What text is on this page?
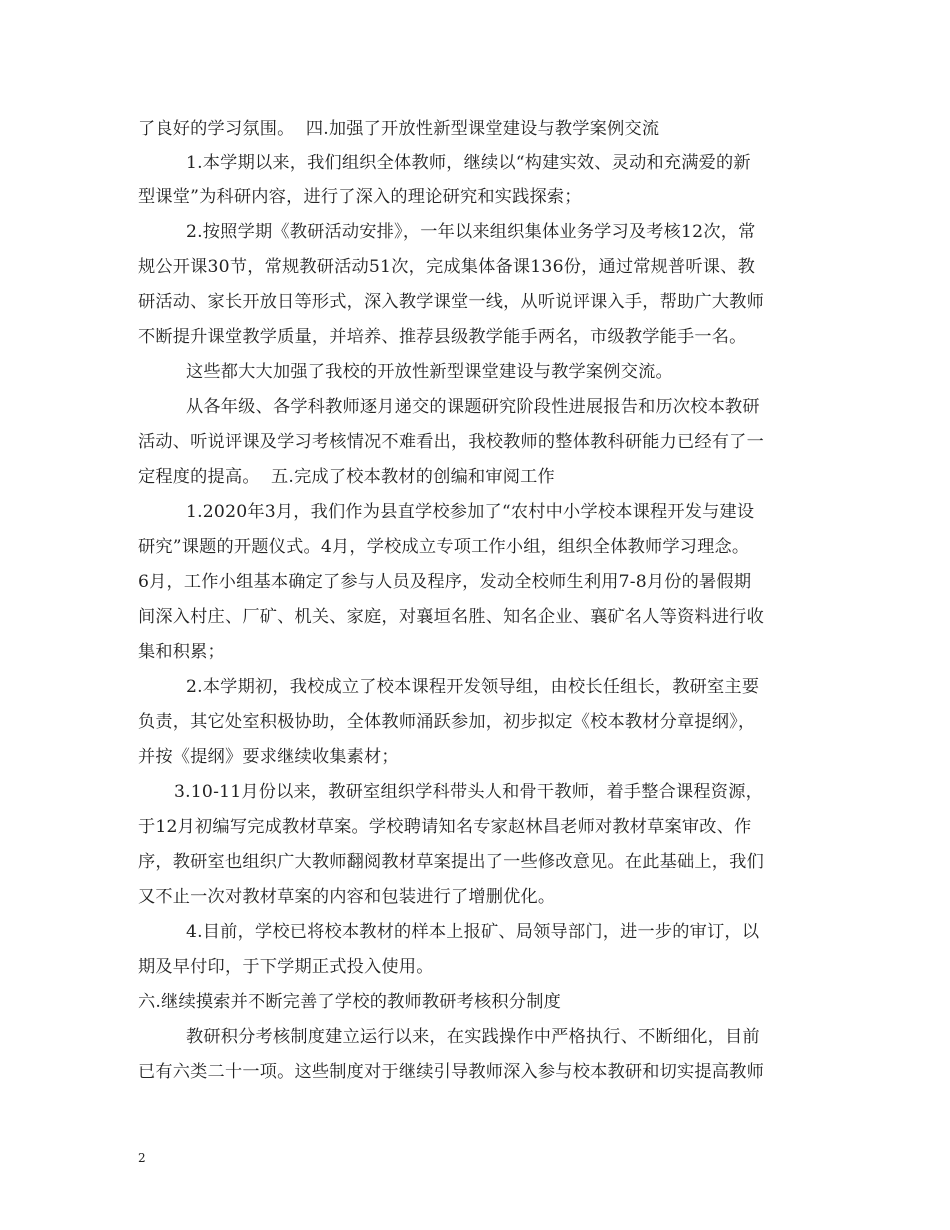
了良好的学习氛围。  四.加强了开放性新型课堂建设与教学案例交流
1.本学期以来，我们组织全体教师，继续以“构建实效、灵动和充满爱的新
型课堂”为科研内容，进行了深入的理论研究和实践探索；
2.按照学期《教研活动安排》，一年以来组织集体业务学习及考核12次，常
规公开课30节，常规教研活动51次，完成集体备课136份，通过常规普听课、教
研活动、家长开放日等形式，深入教学课堂一线，从听说评课入手，帮助广大教师
不断提升课堂教学质量，并培养、推荐县级教学能手两名，市级教学能手一名。
这些都大大加强了我校的开放性新型课堂建设与教学案例交流。
从各年级、各学科教师逐月递交的课题研究阶段性进展报告和历次校本教研
活动、听说评课及学习考核情况不难看出，我校教师的整体教科研能力已经有了一
定程度的提高。  五.完成了校本教材的创编和审阅工作
1.2020年3月，我们作为县直学校参加了“农村中小学校本课程开发与建设
研究”课题的开题仪式。4月，学校成立专项工作小组，组织全体教师学习理念。
6月，工作小组基本确定了参与人员及程序，发动全校师生利用7-8月份的暑假期
间深入村庄、厂矿、机关、家庭，对襄垣名胜、知名企业、襄矿名人等资料进行收
集和积累；
2.本学期初，我校成立了校本课程开发领导组，由校长任组长，教研室主要
负责，其它处室积极协助，全体教师涌跃参加，初步拟定《校本教材分章提纲》，
并按《提纲》要求继续收集素材；
3.10-11月份以来，教研室组织学科带头人和骨干教师，着手整合课程资源，
于12月初编写完成教材草案。学校聘请知名专家赵林昌老师对教材草案审改、作
序，教研室也组织广大教师翻阅教材草案提出了一些修改意见。在此基础上，我们
又不止一次对教材草案的内容和包装进行了增删优化。
4.目前，学校已将校本教材的样本上报矿、局领导部门，进一步的审订，以
期及早付印，于下学期正式投入使用。
六.继续摸索并不断完善了学校的教师教研考核积分制度
教研积分考核制度建立运行以来，在实践操作中严格执行、不断细化，目前
已有六类二十一项。这些制度对于继续引导教师深入参与校本教研和切实提高教师
2
